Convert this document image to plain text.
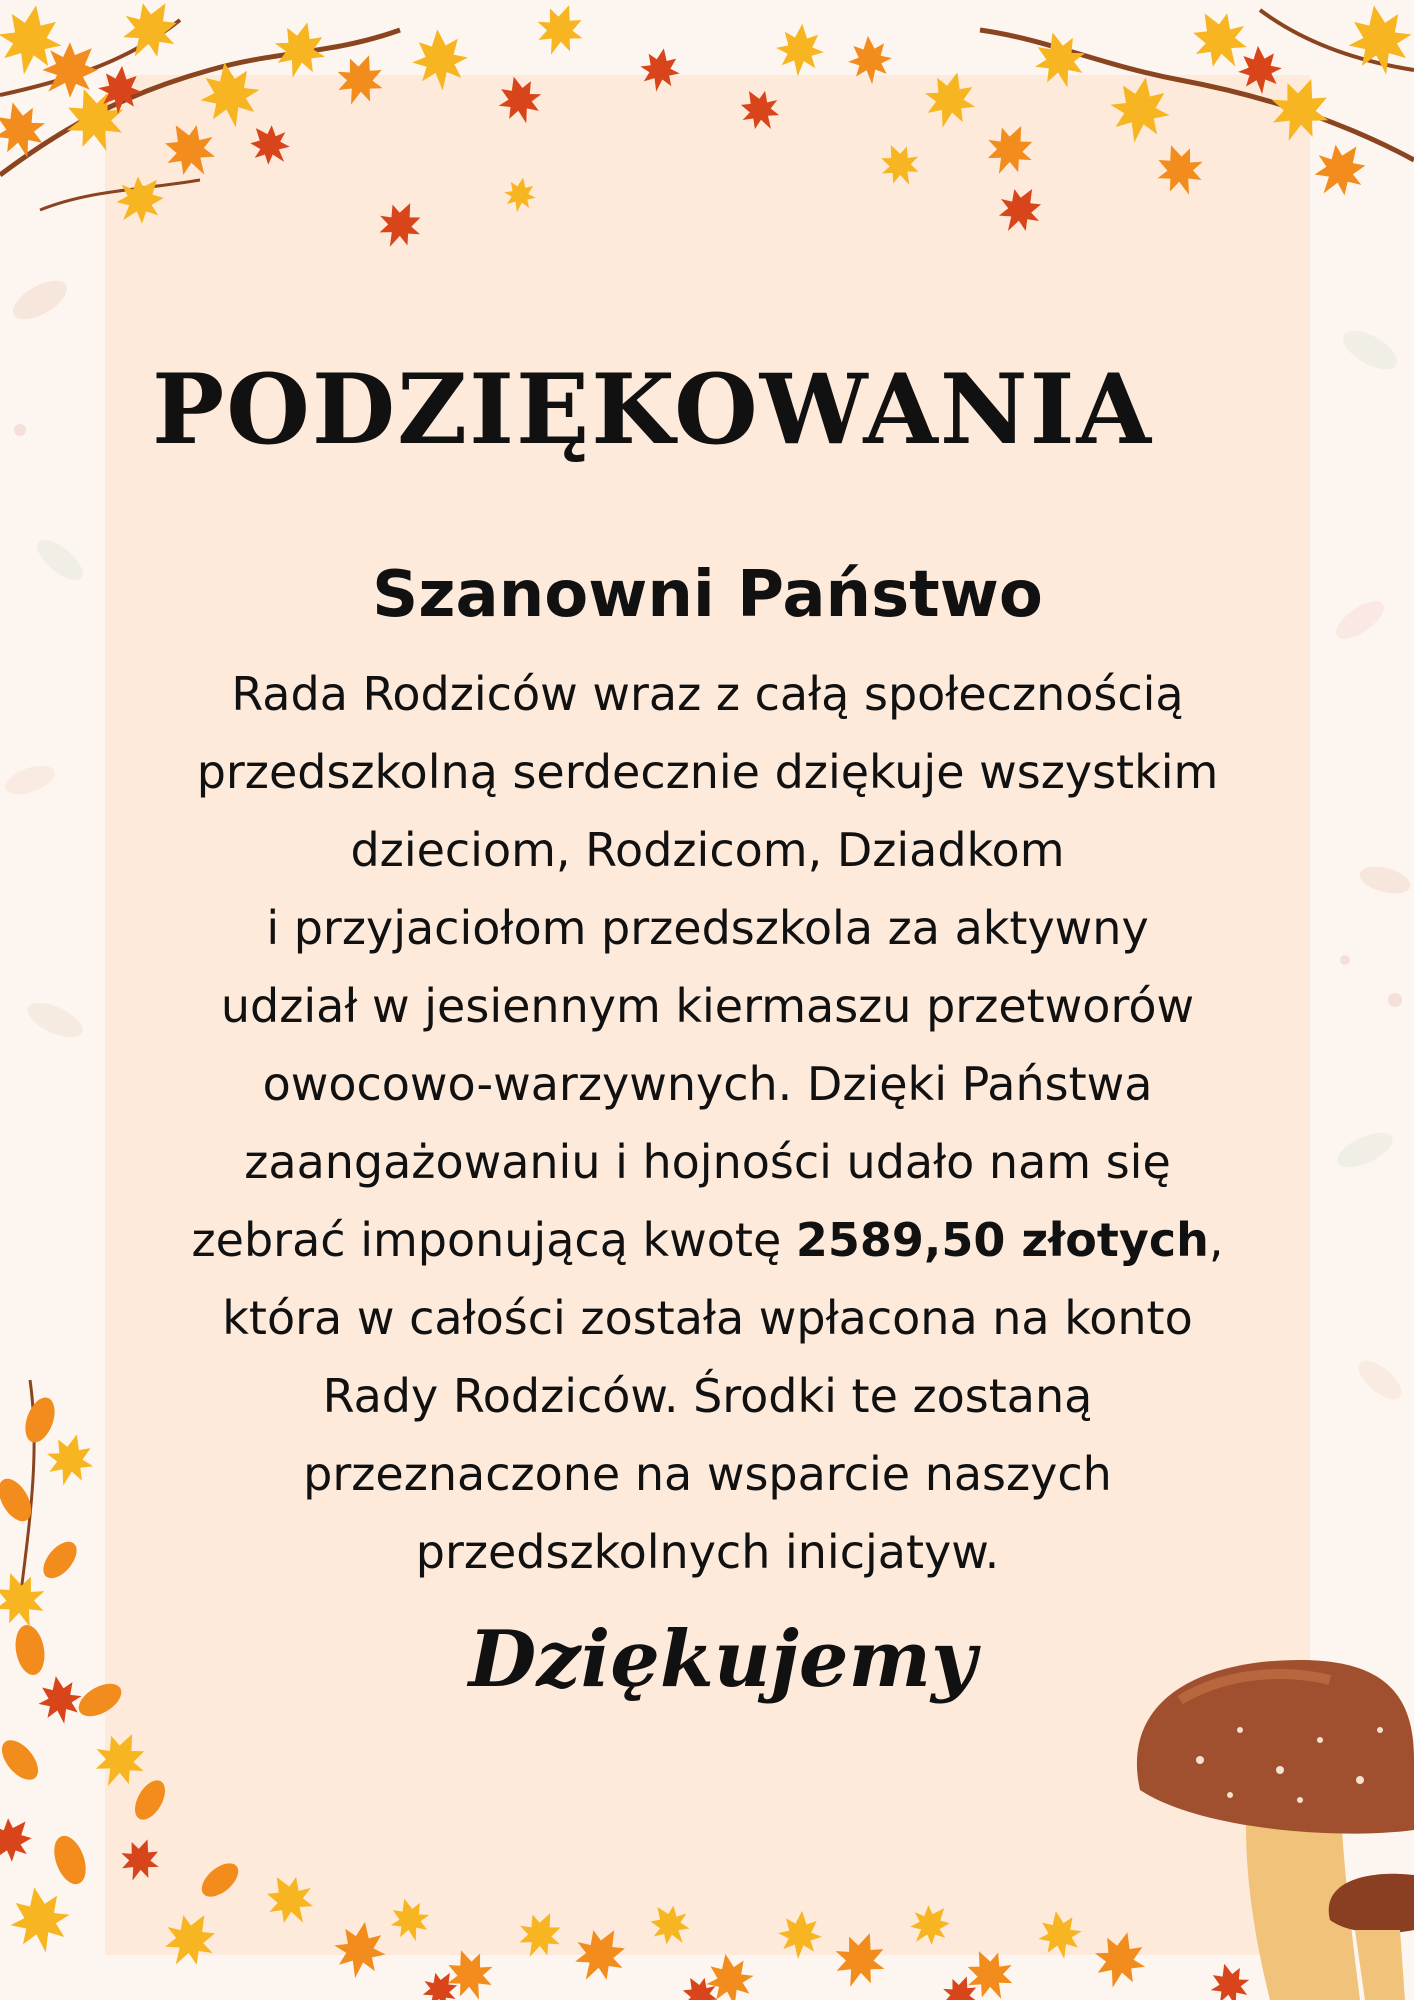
PODZIĘKOWANIA
Szanowni Państwo

Rada Rodziców wraz z całą społecznością
przedszkolną serdecznie dziękuje wszystkim
dzieciom, Rodzicom, Dziadkom
i przyjaciołom przedszkola za aktywny
udział w jesiennym kiermaszu przetworów
owocowo-warzywnych. Dzięki Państwa
zaangażowaniu i hojności udało nam się
zebrać imponującą kwotę 2589,50 złotych,
która w całości została wpłacona na konto
Rady Rodziców. Środki te zostaną
przeznaczone na wsparcie naszych
przedszkolnych inicjatyw.

Dziękujemy
